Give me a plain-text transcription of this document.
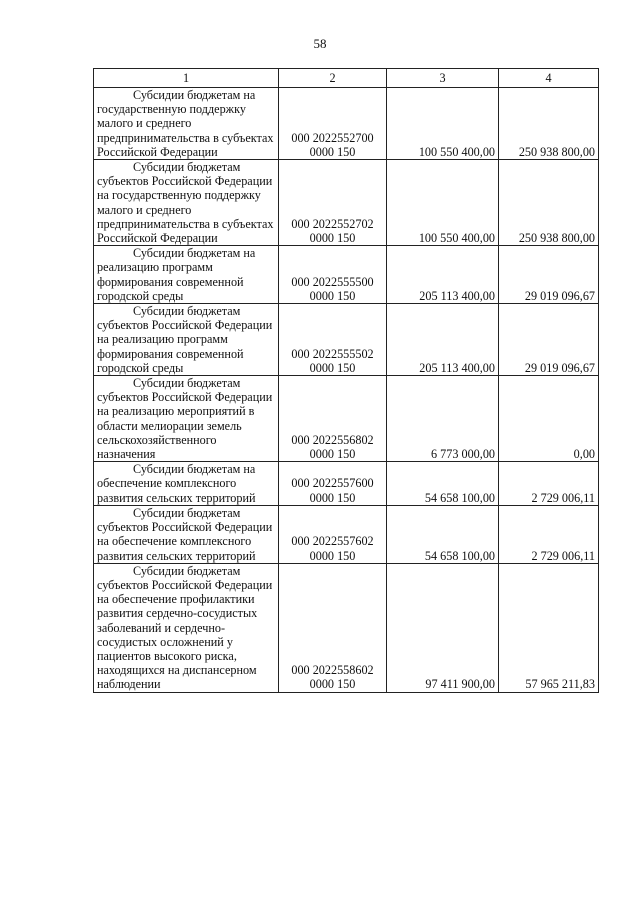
58
1	2	3	4
Субсидии бюджетам на государственную поддержку малого и среднего предпринимательства в субъектах Российской Федерации	000 2022552700 0000 150	100 550 400,00	250 938 800,00
Субсидии бюджетам субъектов Российской Федерации на государственную поддержку малого и среднего предпринимательства в субъектах Российской Федерации	000 2022552702 0000 150	100 550 400,00	250 938 800,00
Субсидии бюджетам на реализацию программ формирования современной городской среды	000 2022555500 0000 150	205 113 400,00	29 019 096,67
Субсидии бюджетам субъектов Российской Федерации на реализацию программ формирования современной городской среды	000 2022555502 0000 150	205 113 400,00	29 019 096,67
Субсидии бюджетам субъектов Российской Федерации на реализацию мероприятий в области мелиорации земель сельскохозяйственного назначения	000 2022556802 0000 150	6 773 000,00	0,00
Субсидии бюджетам на обеспечение комплексного развития сельских территорий	000 2022557600 0000 150	54 658 100,00	2 729 006,11
Субсидии бюджетам субъектов Российской Федерации на обеспечение комплексного развития сельских территорий	000 2022557602 0000 150	54 658 100,00	2 729 006,11
Субсидии бюджетам субъектов Российской Федерации на обеспечение профилактики развития сердечно-сосудистых заболеваний и сердечно-сосудистых осложнений у пациентов высокого риска, находящихся на диспансерном наблюдении	000 2022558602 0000 150	97 411 900,00	57 965 211,83
